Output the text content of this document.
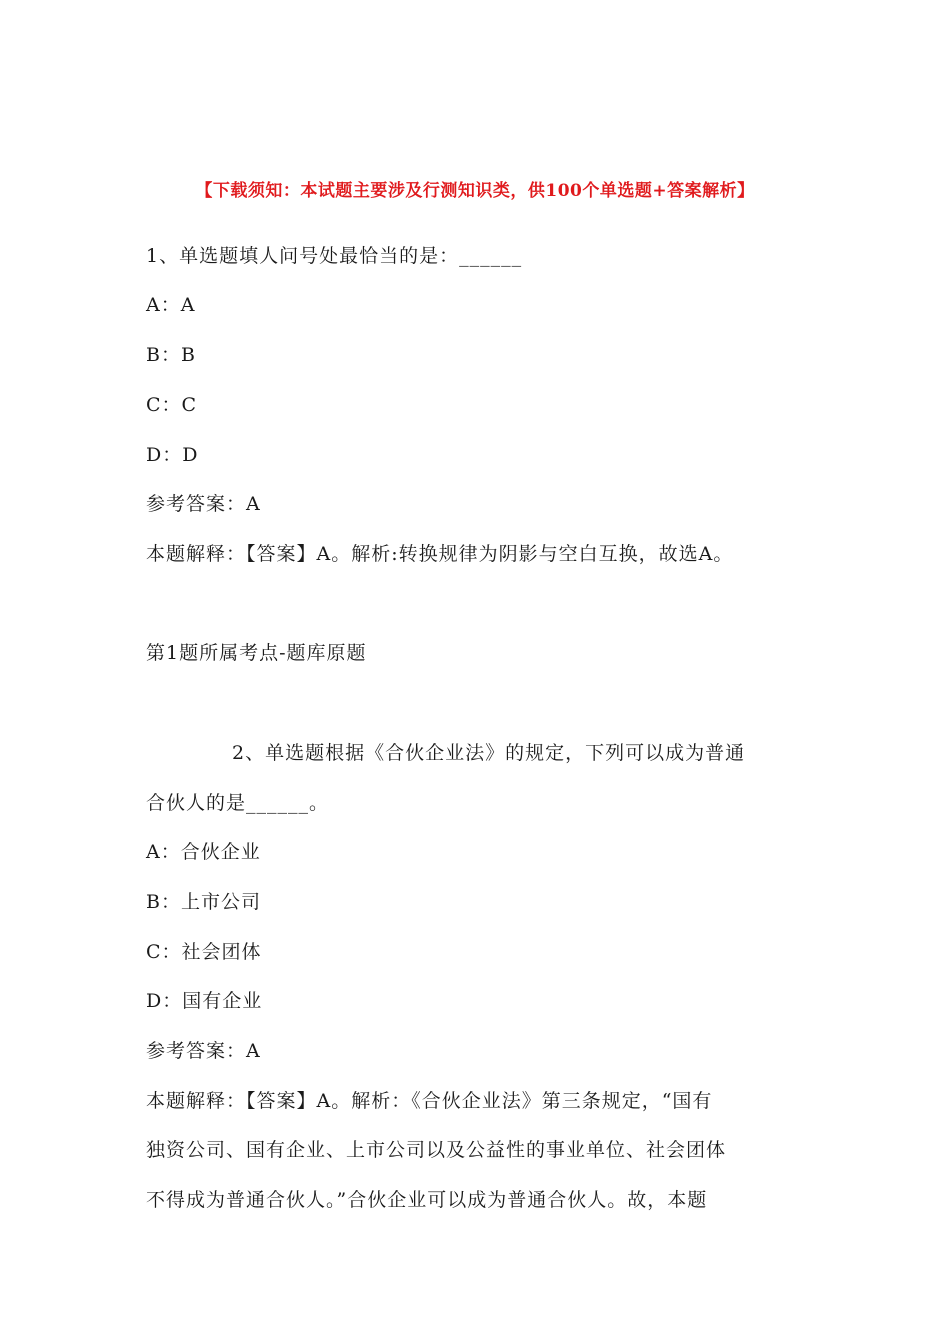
【下载须知：本试题主要涉及行测知识类，供100个单选题+答案解析】
1、单选题填人问号处最恰当的是：______
A：A
B：B
C：C
D：D
参考答案：A
本题解释：【答案】A。解析:转换规律为阴影与空白互换，故选A。
第1题所属考点-题库原题
2、单选题根据《合伙企业法》的规定，下列可以成为普通
合伙人的是______。
A：合伙企业
B：上市公司
C：社会团体
D：国有企业
参考答案：A
本题解释：【答案】A。解析：《合伙企业法》第三条规定，“国有
独资公司、国有企业、上市公司以及公益性的事业单位、社会团体
不得成为普通合伙人。”合伙企业可以成为普通合伙人。故，本题
